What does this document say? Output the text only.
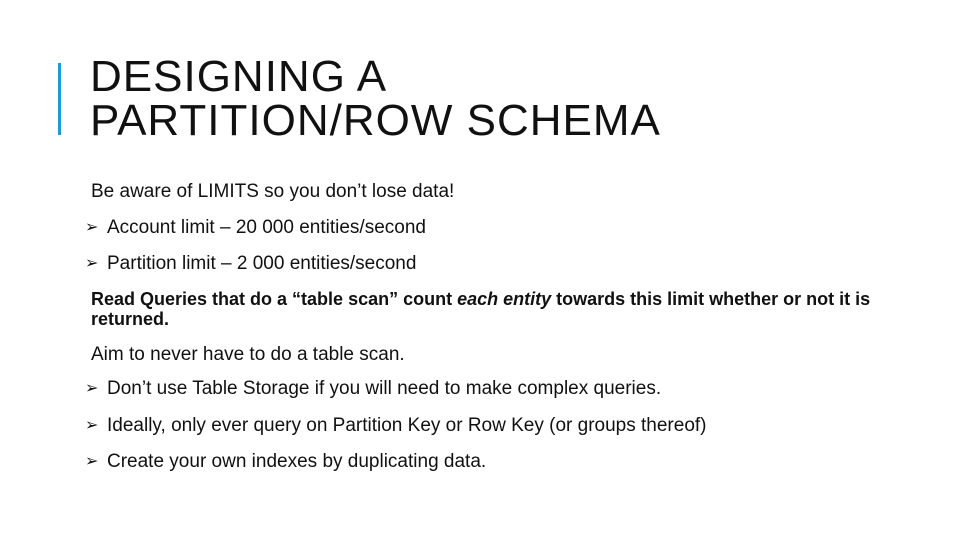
DESIGNING A
PARTITION/ROW SCHEMA

Be aware of LIMITS so you don’t lose data!

➢ Account limit – 20 000 entities/second
➢ Partition limit – 2 000 entities/second

Read Queries that do a “table scan” count each entity towards this limit whether or not it is returned.

Aim to never have to do a table scan.

➢ Don’t use Table Storage if you will need to make complex queries.
➢ Ideally, only ever query on Partition Key or Row Key (or groups thereof)
➢ Create your own indexes by duplicating data.
